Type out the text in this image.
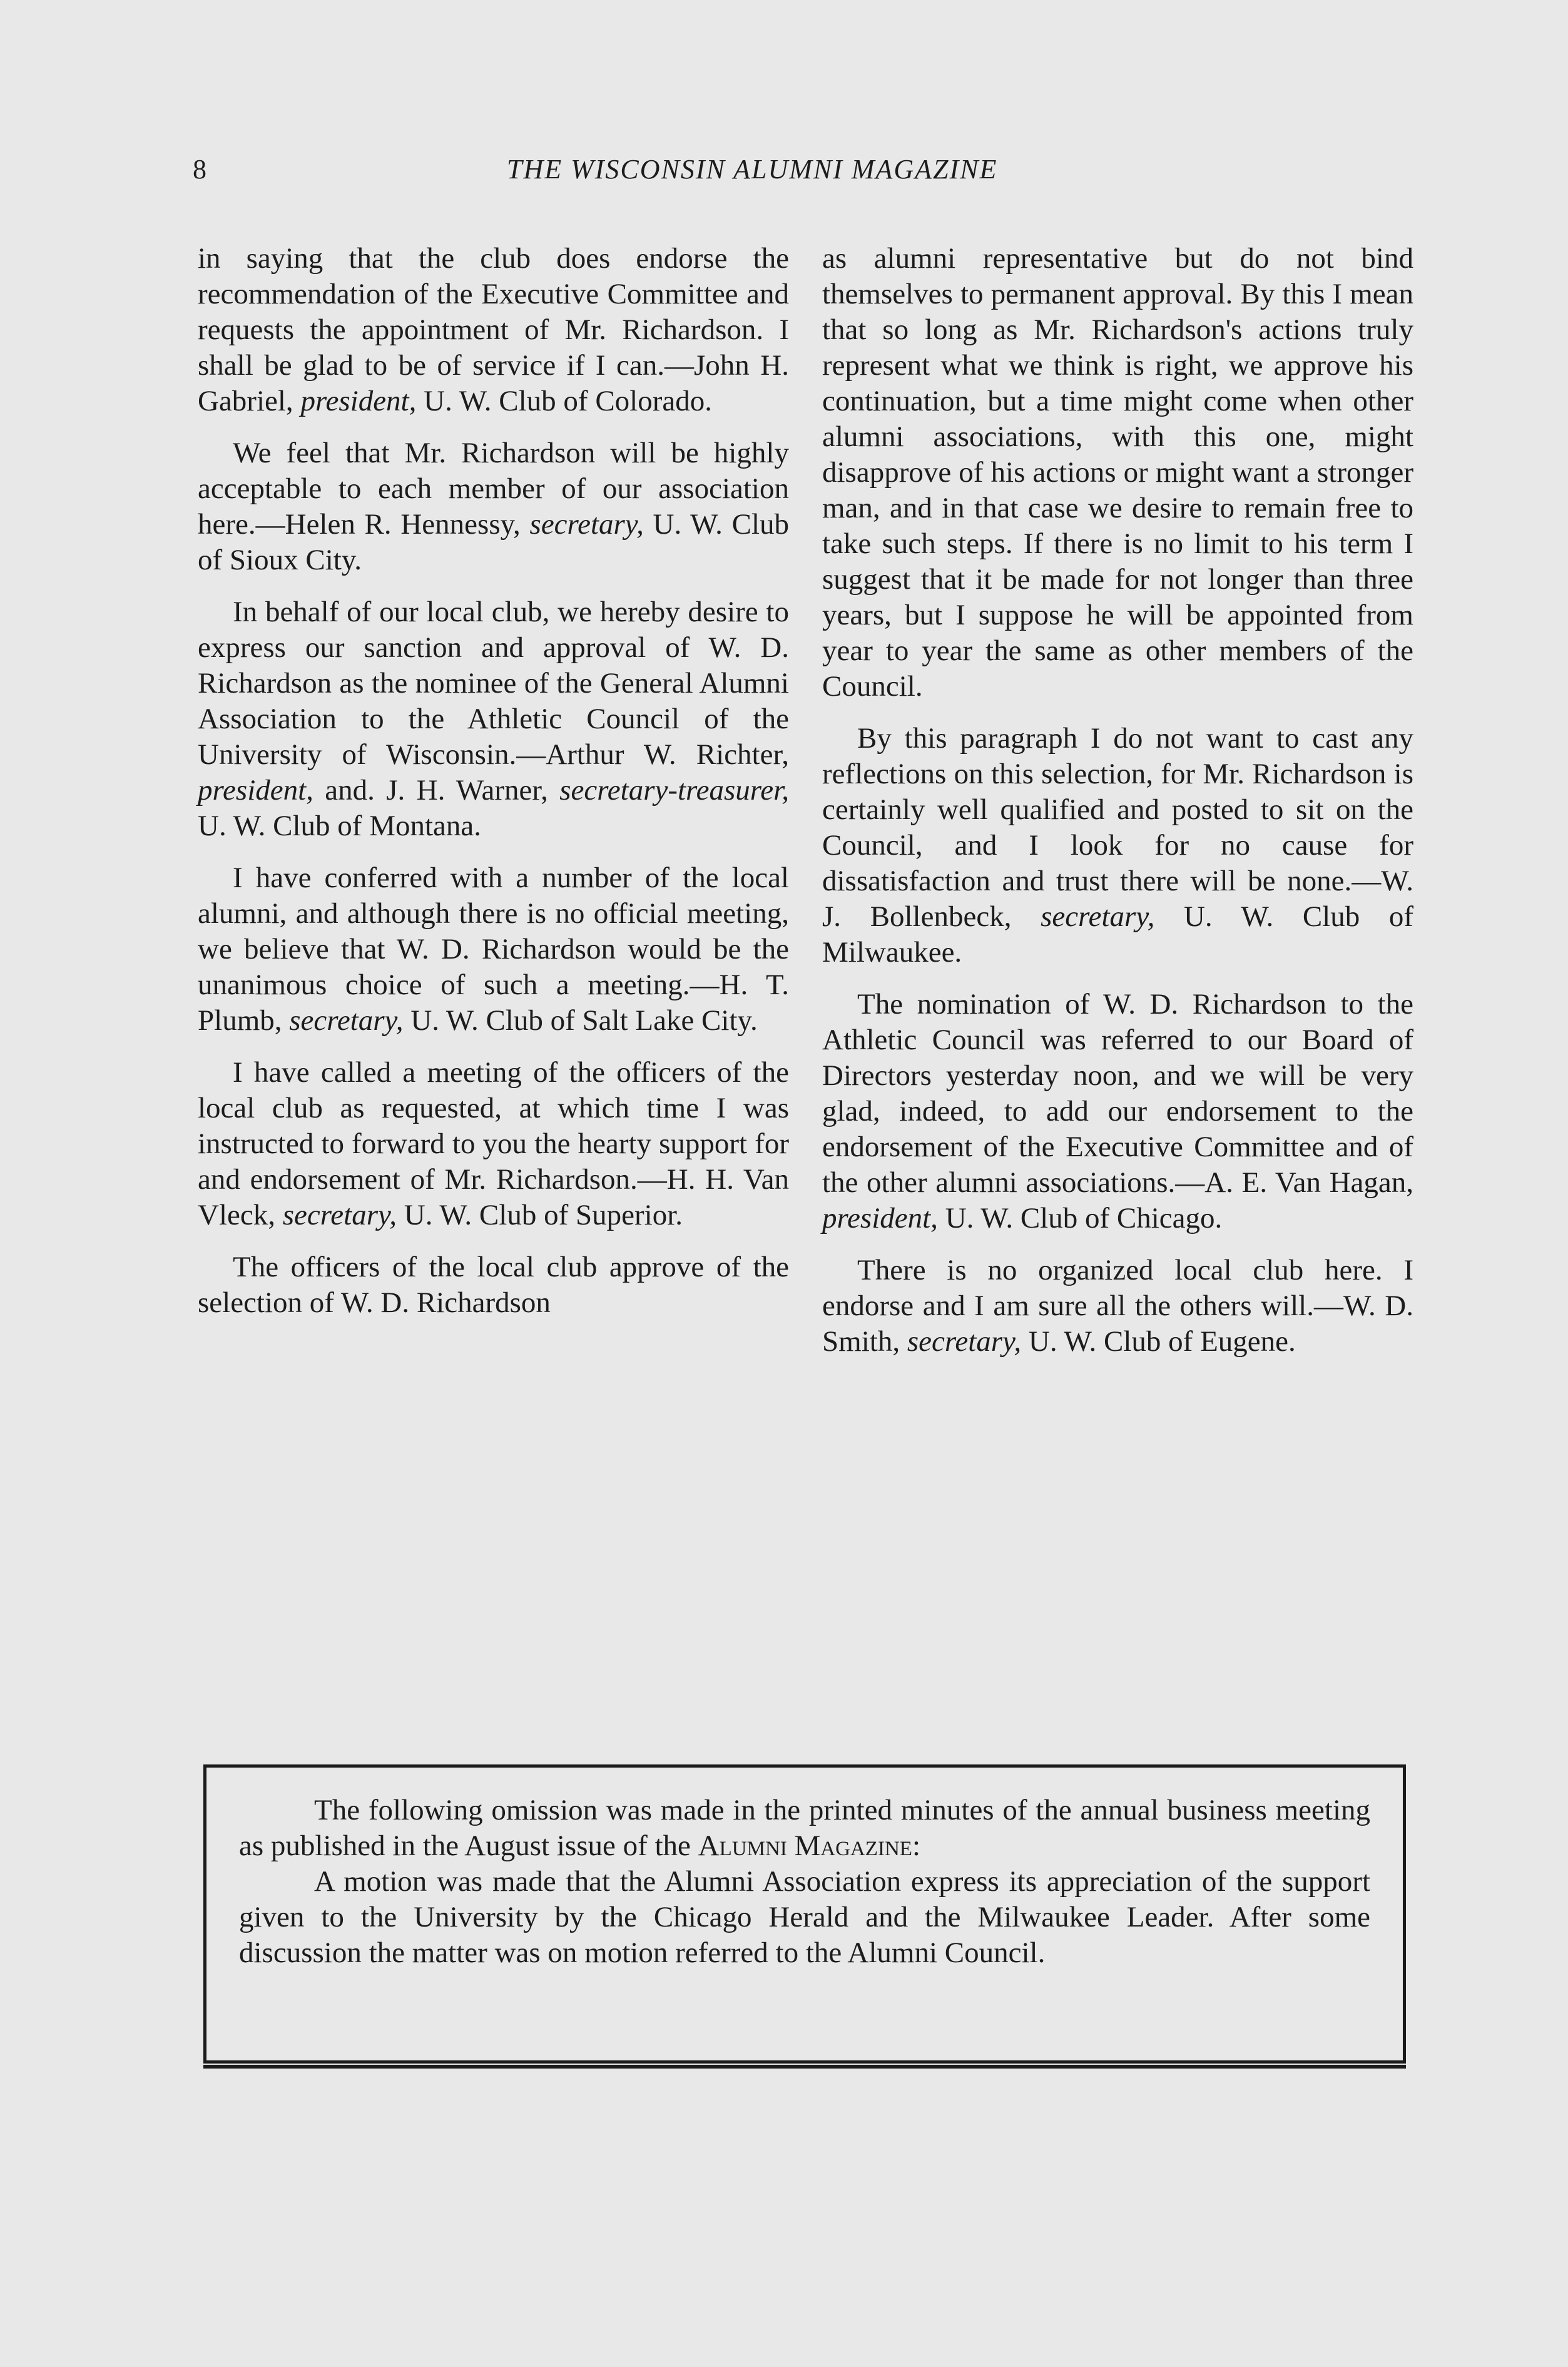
8	THE WISCONSIN ALUMNI MAGAZINE

in saying that the club does endorse the recommendation of the Executive Committee and requests the appointment of Mr. Richardson. I shall be glad to be of service if I can.—John H. Gabriel, president, U. W. Club of Colorado.

We feel that Mr. Richardson will be highly acceptable to each member of our association here.—Helen R. Hennessy, secretary, U. W. Club of Sioux City.

In behalf of our local club, we hereby desire to express our sanction and approval of W. D. Richardson as the nominee of the General Alumni Association to the Athletic Council of the University of Wisconsin.—Arthur W. Richter, president, and. J. H. Warner, secretary-treasurer, U. W. Club of Montana.

I have conferred with a number of the local alumni, and although there is no official meeting, we believe that W. D. Richardson would be the unanimous choice of such a meeting.—H. T. Plumb, secretary, U. W. Club of Salt Lake City.

I have called a meeting of the officers of the local club as requested, at which time I was instructed to forward to you the hearty support for and endorsement of Mr. Richardson.—H. H. Van Vleck, secretary, U. W. Club of Superior.

The officers of the local club approve of the selection of W. D. Richardson

as alumni representative but do not bind themselves to permanent approval. By this I mean that so long as Mr. Richardson's actions truly represent what we think is right, we approve his continuation, but a time might come when other alumni associations, with this one, might disapprove of his actions or might want a stronger man, and in that case we desire to remain free to take such steps. If there is no limit to his term I suggest that it be made for not longer than three years, but I suppose he will be appointed from year to year the same as other members of the Council.

By this paragraph I do not want to cast any reflections on this selection, for Mr. Richardson is certainly well qualified and posted to sit on the Council, and I look for no cause for dissatisfaction and trust there will be none.—W. J. Bollenbeck, secretary, U. W. Club of Milwaukee.

The nomination of W. D. Richardson to the Athletic Council was referred to our Board of Directors yesterday noon, and we will be very glad, indeed, to add our endorsement to the endorsement of the Executive Committee and of the other alumni associations.—A. E. Van Hagan, president, U. W. Club of Chicago.

There is no organized local club here. I endorse and I am sure all the others will.—W. D. Smith, secretary, U. W. Club of Eugene.

The following omission was made in the printed minutes of the annual business meeting as published in the August issue of the Alumni Magazine:

A motion was made that the Alumni Association express its appreciation of the support given to the University by the Chicago Herald and the Milwaukee Leader. After some discussion the matter was on motion referred to the Alumni Council.
